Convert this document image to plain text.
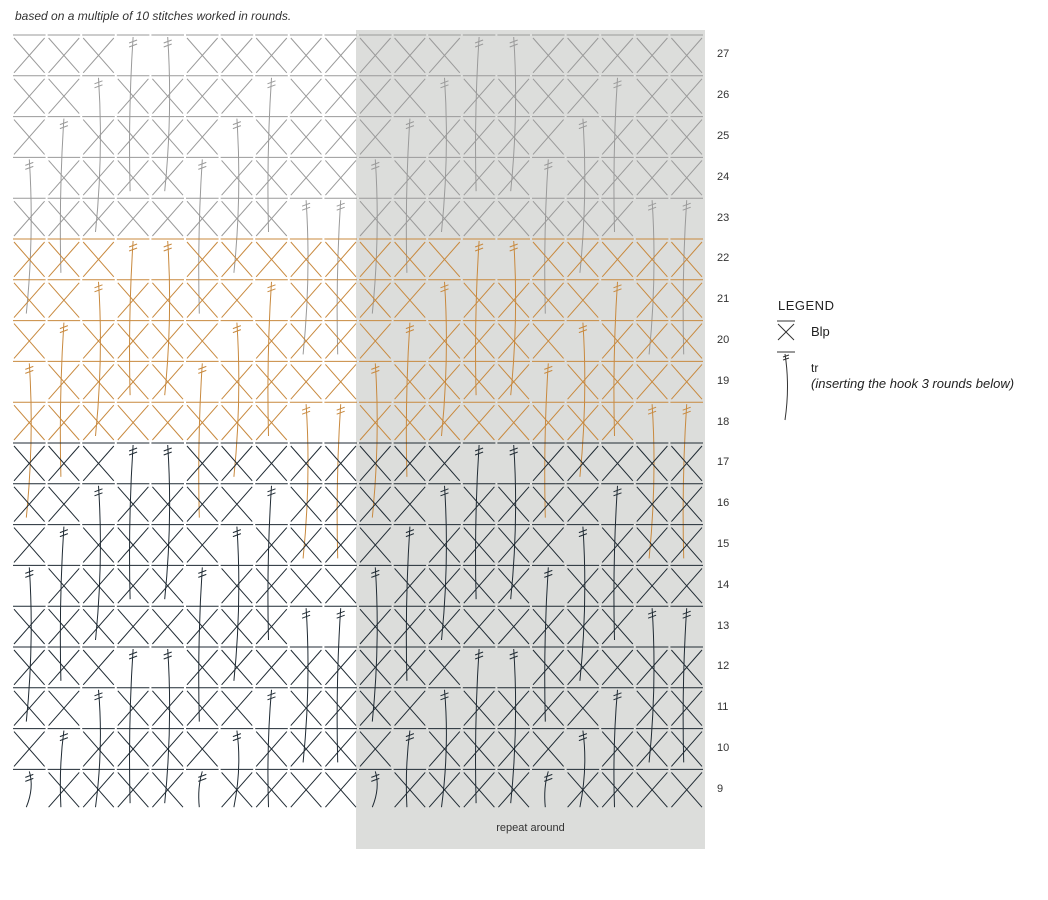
based on a multiple of 10 stitches worked in rounds.
repeat around
27
26
25
24
23
22
21
20
19
18
17
16
15
14
13
12
11
10
9
LEGEND
Blp
tr
(inserting the hook 3 rounds below)
